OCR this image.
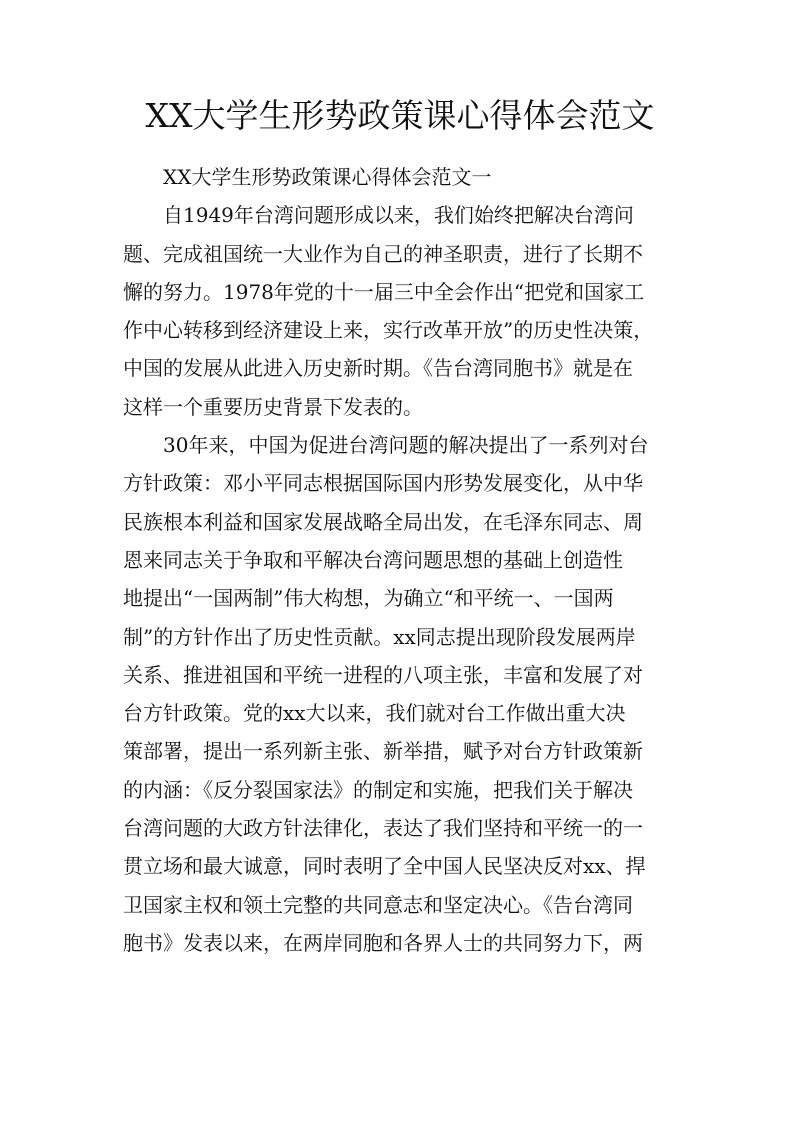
XX大学生形势政策课心得体会范文

XX大学生形势政策课心得体会范文一

自1949年台湾问题形成以来，我们始终把解决台湾问
题、完成祖国统一大业作为自己的神圣职责，进行了长期不
懈的努力。1978年党的十一届三中全会作出“把党和国家工
作中心转移到经济建设上来，实行改革开放”的历史性决策，
中国的发展从此进入历史新时期。《告台湾同胞书》就是在
这样一个重要历史背景下发表的。

30年来，中国为促进台湾问题的解决提出了一系列对台
方针政策：邓小平同志根据国际国内形势发展变化，从中华
民族根本利益和国家发展战略全局出发，在毛泽东同志、周
恩来同志关于争取和平解决台湾问题思想的基础上创造性
地提出“一国两制”伟大构想，为确立“和平统一、一国两
制”的方针作出了历史性贡献。xx同志提出现阶段发展两岸
关系、推进祖国和平统一进程的八项主张，丰富和发展了对
台方针政策。党的xx大以来，我们就对台工作做出重大决
策部署，提出一系列新主张、新举措，赋予对台方针政策新
的内涵：《反分裂国家法》的制定和实施，把我们关于解决
台湾问题的大政方针法律化，表达了我们坚持和平统一的一
贯立场和最大诚意，同时表明了全中国人民坚决反对xx、捍
卫国家主权和领土完整的共同意志和坚定决心。《告台湾同
胞书》发表以来，在两岸同胞和各界人士的共同努力下，两
